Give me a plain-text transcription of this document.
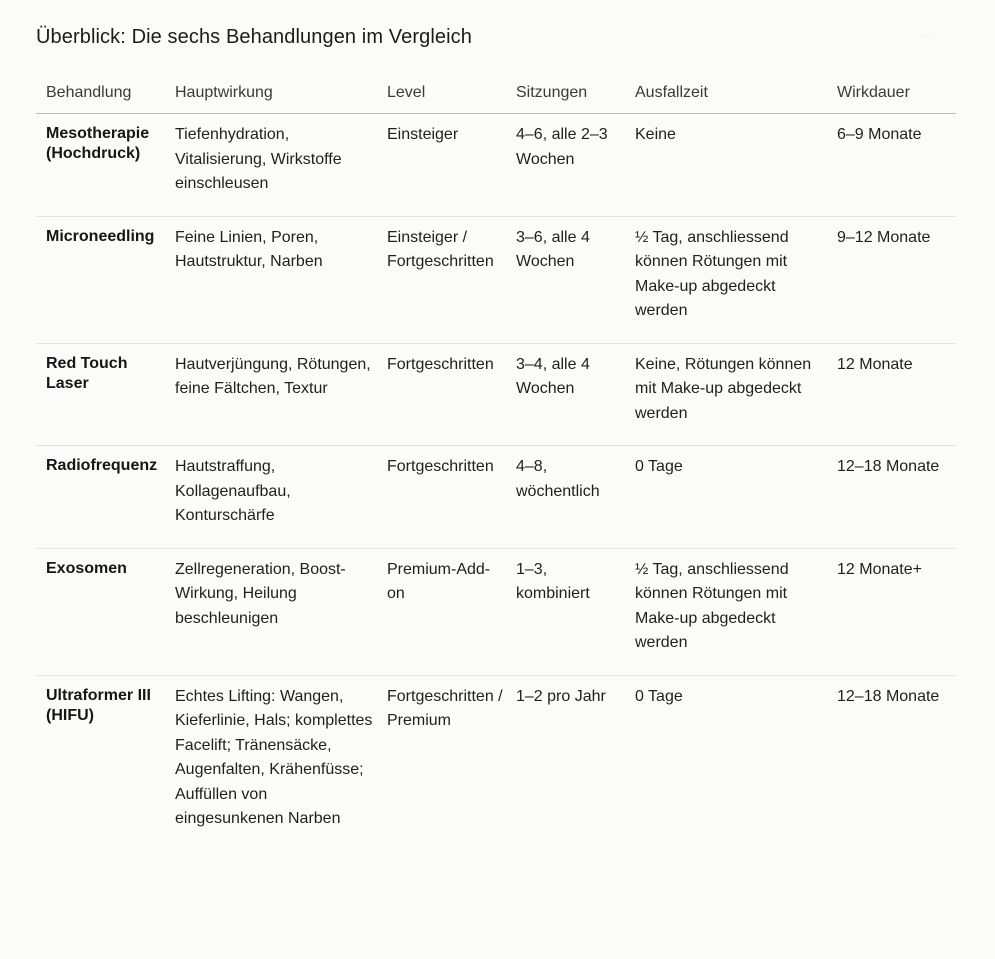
Überblick: Die sechs Behandlungen im Vergleich	···
Behandlung	Hauptwirkung	Level	Sitzungen	Ausfallzeit	Wirkdauer
Mesotherapie (Hochdruck)	Tiefenhydration, Vitalisierung, Wirkstoffe einschleusen	Einsteiger	4–6, alle 2–3 Wochen	Keine	6–9 Monate
Microneedling	Feine Linien, Poren, Hautstruktur, Narben	Einsteiger / Fortgeschritten	3–6, alle 4 Wochen	½ Tag, anschliessend können Rötungen mit Make-up abgedeckt werden	9–12 Monate
Red Touch Laser	Hautverjüngung, Rötungen, feine Fältchen, Textur	Fortgeschritten	3–4, alle 4 Wochen	Keine, Rötungen können mit Make-up abgedeckt werden	12 Monate
Radiofrequenz	Hautstraffung, Kollagenaufbau, Konturschärfe	Fortgeschritten	4–8, wöchentlich	0 Tage	12–18 Monate
Exosomen	Zellregeneration, Boost-Wirkung, Heilung beschleunigen	Premium-Add-on	1–3, kombiniert	½ Tag, anschliessend können Rötungen mit Make-up abgedeckt werden	12 Monate+
Ultraformer III (HIFU)	Echtes Lifting: Wangen, Kieferlinie, Hals; komplettes Facelift; Tränensäcke, Augenfalten, Krähenfüsse; Auffüllen von eingesunkenen Narben	Fortgeschritten / Premium	1–2 pro Jahr	0 Tage	12–18 Monate
